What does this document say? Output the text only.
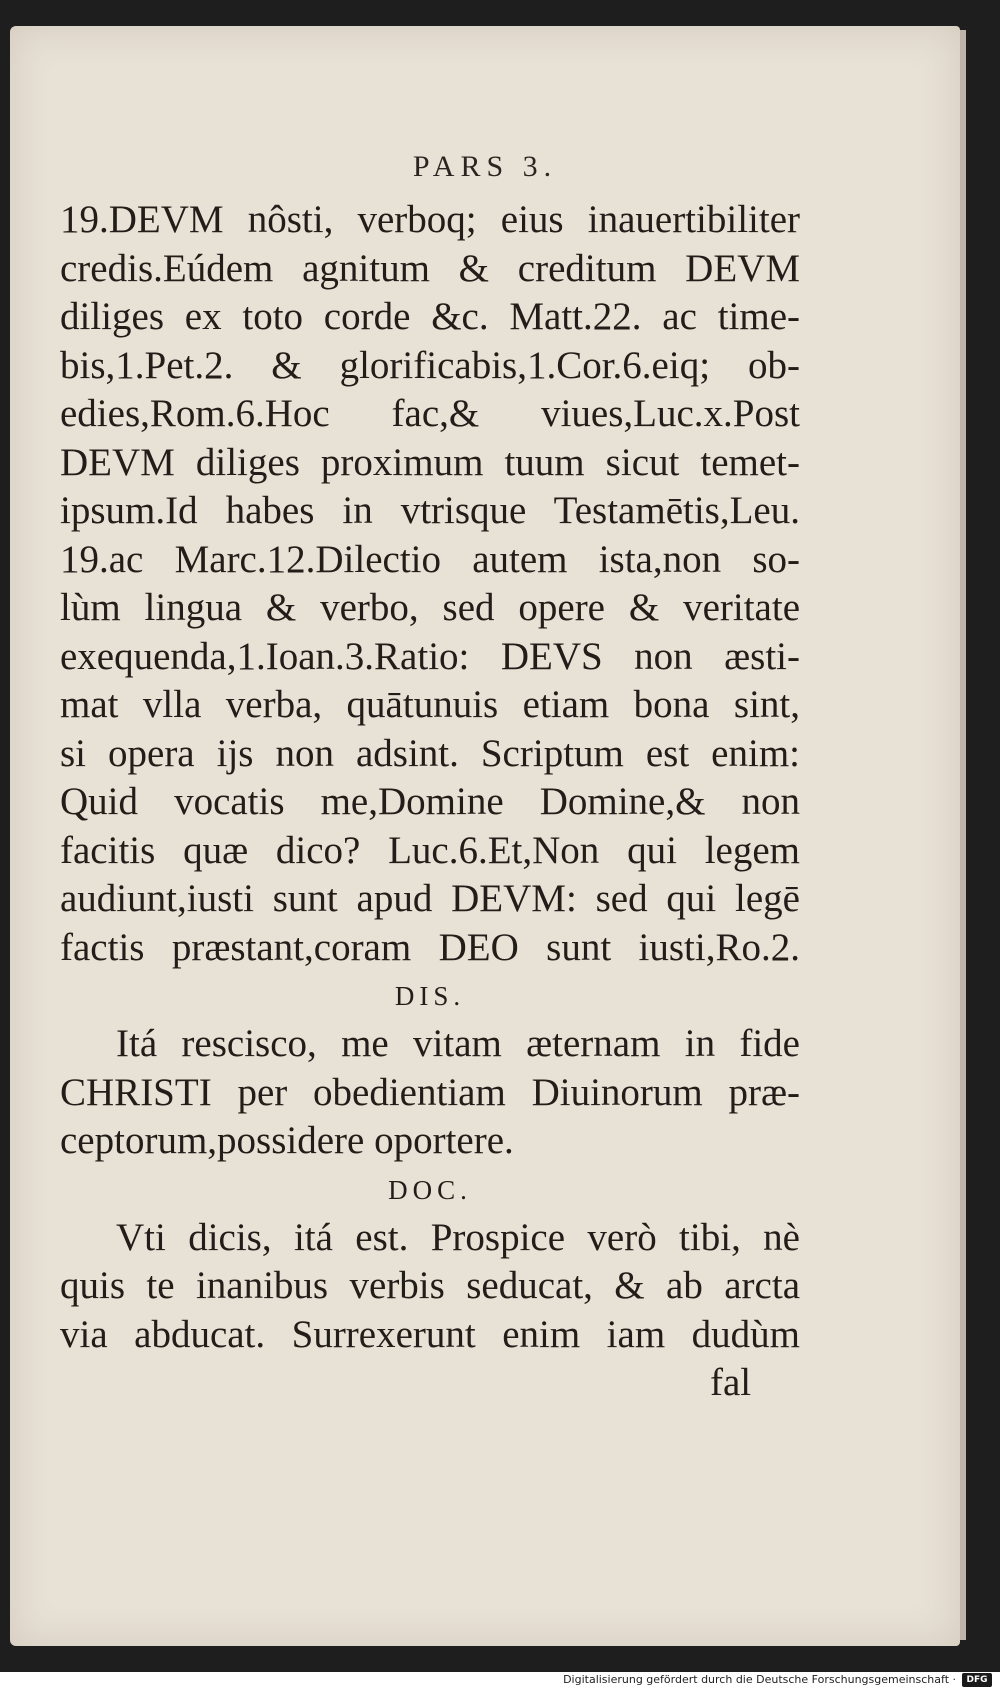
PARS 3.
19.DEVM nôsti, verboq; eius inauertibiliter
credis.Eúdem agnitum & creditum DEVM
diliges ex toto corde &c. Matt.22. ac time-
bis,1.Pet.2. & glorificabis,1.Cor.6.eiq; ob-
edies,Rom.6.Hoc fac,& viues,Luc.x.Post
DEVM diliges proximum tuum sicut temet-
ipsum.Id habes in vtrisque Testamētis,Leu.
19.ac Marc.12.Dilectio autem ista,non so-
lùm lingua & verbo, sed opere & veritate
exequenda,1.Ioan.3.Ratio: DEVS non æsti-
mat vlla verba, quātunuis etiam bona sint,
si opera ijs non adsint. Scriptum est enim:
Quid vocatis me,Domine Domine,& non
facitis quæ dico? Luc.6.Et,Non qui legem
audiunt,iusti sunt apud DEVM: sed qui legē
factis præstant,coram DEO sunt iusti,Ro.2.
DIS.
Itá rescisco, me vitam æternam in fide
CHRISTI per obedientiam Diuinorum præ-
ceptorum,possidere oportere.
DOC.
Vti dicis, itá est. Prospice verò tibi, nè
quis te inanibus verbis seducat, & ab arcta
via abducat. Surrexerunt enim iam dudùm
fal
Digitalisierung gefördert durch die Deutsche Forschungsgemeinschaft ·	DFG
